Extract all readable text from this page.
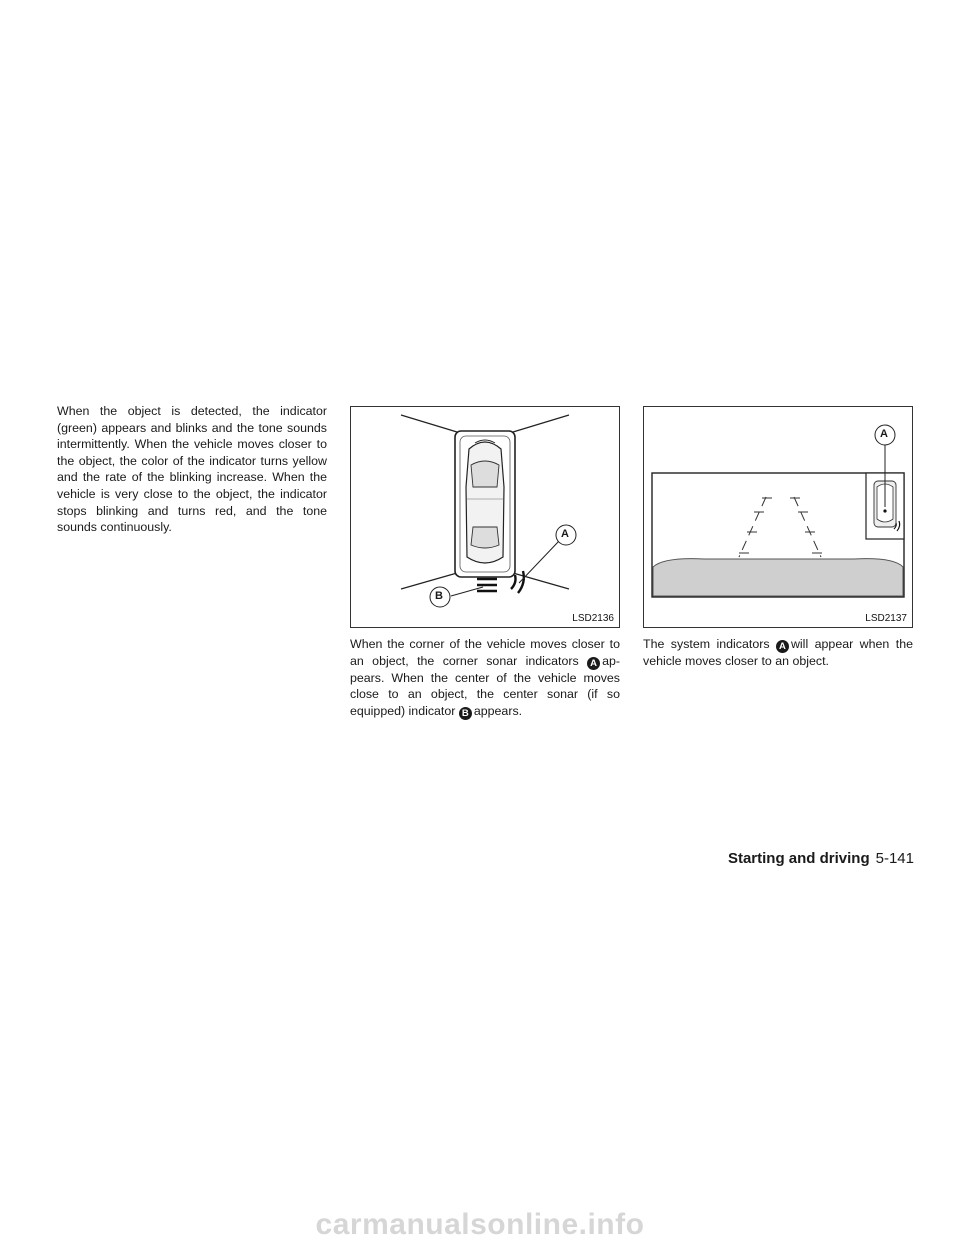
When the object is detected, the indicator (green) appears and blinks and the tone sounds intermittently. When the vehicle moves closer to the object, the color of the indicator turns yellow and the rate of the blinking increase. When the vehicle is very close to the object, the indicator stops blinking and turns red, and the tone sounds continuously.	A
B
LSD2136
A
LSD2137

When the corner of the vehicle moves closer to an object, the corner sonar indicators A ap-pears. When the center of the vehicle moves close to an object, the center sonar (if so equipped) indicator B appears.

The system indicators A will appear when the vehicle moves closer to an object.

Starting and driving 5-141
carmanualsonline.info
